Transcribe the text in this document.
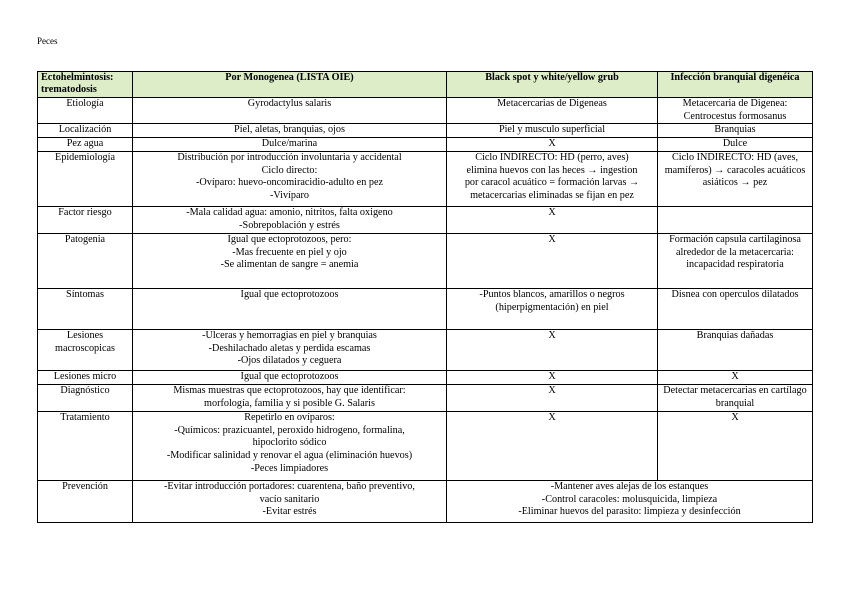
Peces
Ectohelmintosis: trematodosis	Por Monogenea (LISTA OIE)	Black spot y white/yellow grub	Infección branquial digenéica

Etiología	Gyrodactylus salaris	Metacercarias de Digeneas	Metacercaria de Digenea: Centrocestus formosanus

Localización	Piel, aletas, branquias, ojos	Piel y musculo superficial	Branquias

Pez agua	Dulce/marina	X	Dulce

Epidemiología	Distribución por introducción involuntaria y accidental
Ciclo directo:
-Ovíparo: huevo-oncomiracidio-adulto en pez
-Vivíparo	Ciclo INDIRECTO: HD (perro, aves)
elimina huevos con las heces → ingestion
por caracol acuático = formación larvas →
metacercarias eliminadas se fijan en pez	Ciclo INDIRECTO: HD (aves, mamíferos) → caracoles acuáticos asiáticos → pez

Factor riesgo	-Mala calidad agua: amonio, nitritos, falta oxigeno
-Sobrepoblación y estrés	X	

Patogenia	Igual que ectoprotozoos, pero:
-Mas frecuente en piel y ojo
-Se alimentan de sangre = anemia	X	Formación capsula cartilaginosa alrededor de la metacercaria: incapacidad respiratoria

Síntomas	Igual que ectoprotozoos	-Puntos blancos, amarillos o negros
(hiperpigmentación) en piel	Disnea con operculos dilatados

Lesiones macroscopicas	-Ulceras y hemorragias en piel y branquias
-Deshilachado aletas y perdida escamas
-Ojos dilatados y ceguera	X	Branquias dañadas

Lesiones micro	Igual que ectoprotozoos	X	X

Diagnóstico	Mismas muestras que ectoprotozoos, hay que identificar:
morfología, familia y si posible G. Salaris	X	Detectar metacercarias en cartílago branquial

Tratamiento	Repetirlo en ovíparos:
-Químicos: prazicuantel, peroxido hidrogeno, formalina,
hipoclorito sódico
-Modificar salinidad y renovar el agua (eliminación huevos)
-Peces limpiadores	X	X

Prevención	-Evitar introducción portadores: cuarentena, baño preventivo,
vacío sanitario
-Evitar estrés	-Mantener aves alejas de los estanques
-Control caracoles: molusquicida, limpieza
-Eliminar huevos del parasito: limpieza y desinfección	
